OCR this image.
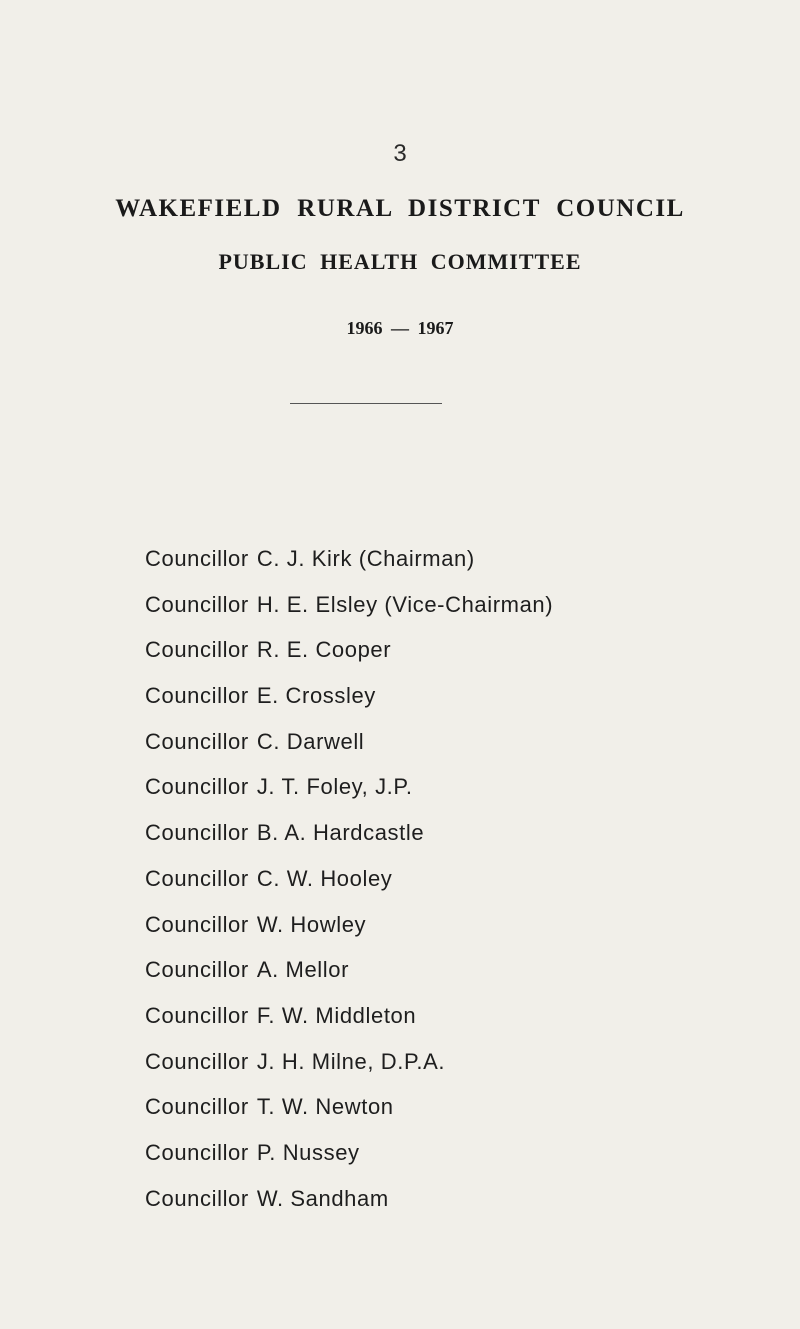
3
WAKEFIELD RURAL DISTRICT COUNCIL
PUBLIC HEALTH COMMITTEE
1966 — 1967
Councillor C. J. Kirk (Chairman)
Councillor H. E. Elsley (Vice-Chairman)
Councillor R. E. Cooper
Councillor E. Crossley
Councillor C. Darwell
Councillor J. T. Foley, J.P.
Councillor B. A. Hardcastle
Councillor C. W. Hooley
Councillor W. Howley
Councillor A. Mellor
Councillor F. W. Middleton
Councillor J. H. Milne, D.P.A.
Councillor T. W. Newton
Councillor P. Nussey
Councillor W. Sandham
